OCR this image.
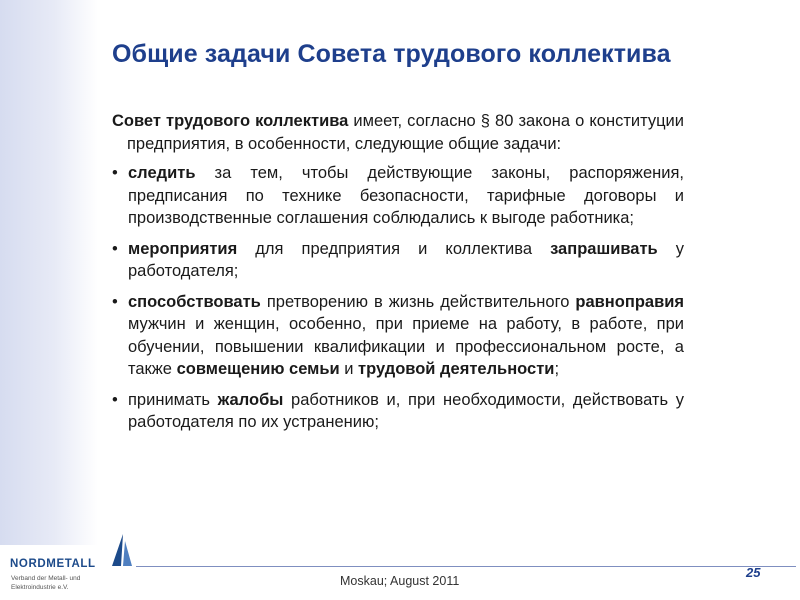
Общие задачи Совета трудового коллектива

Совет трудового коллектива имеет, согласно § 80 закона о конституции предприятия, в особенности, следующие общие задачи:

• следить за тем, чтобы действующие законы, распоряжения, предписания по технике безопасности, тарифные договоры и производственные соглашения соблюдались к выгоде работника;
• мероприятия для предприятия и коллектива запрашивать у работодателя;
• способствовать претворению в жизнь действительного равноправия мужчин и женщин, особенно, при приеме на работу, в работе, при обучении, повышении квалификации и профессиональном росте, а также совмещению семьи и трудовой деятельности;
• принимать жалобы работников и, при необходимости, действовать у работодателя по их устранению;
NORDMETALL
Verband der Metall- und
Elektroindustrie e.V.	Moskau; August 2011
25
